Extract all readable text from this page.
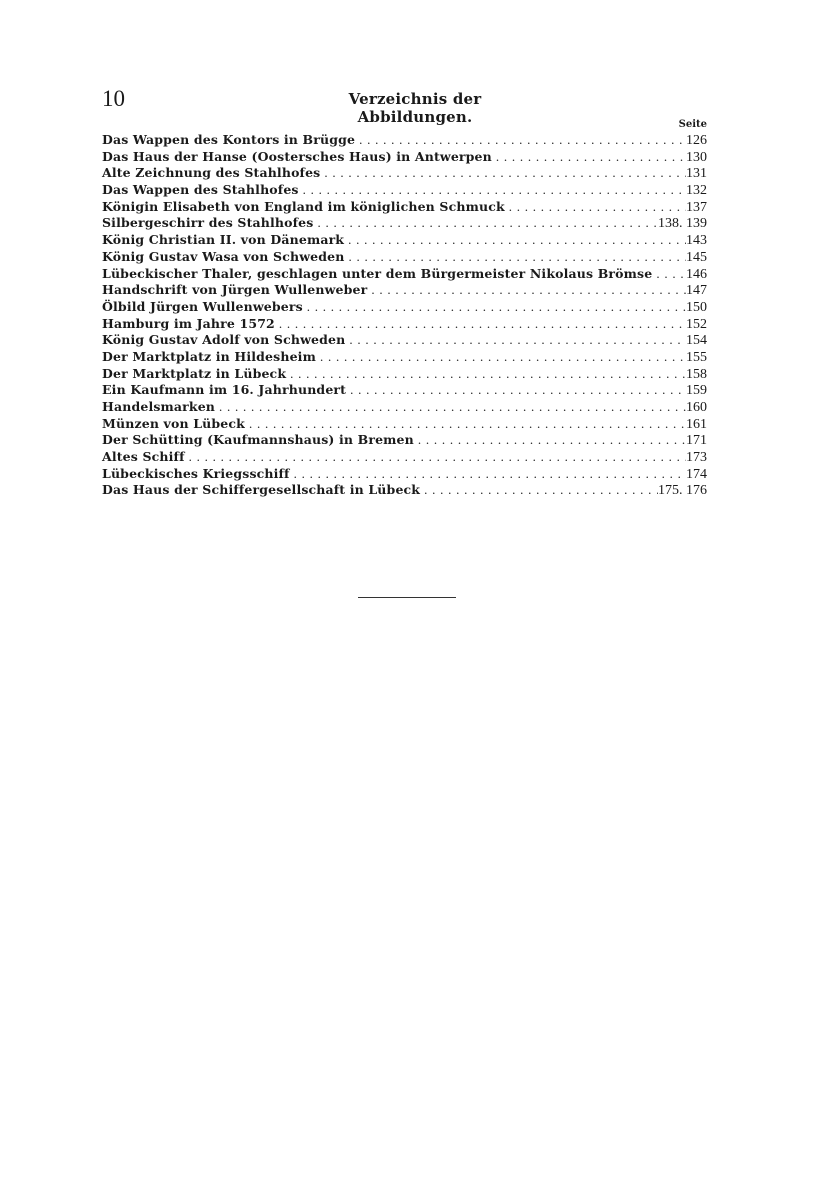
10	Verzeichnis der Abbildungen.	Seite
Das Wappen des Kontors in Brügge . . .	126
Das Haus der Hanse (Oostersches Haus) in Antwerpen . . .	130
Alte Zeichnung des Stahlhofes . . .	131
Das Wappen des Stahlhofes . . .	132
Königin Elisabeth von England im königlichen Schmuck . . .	137
Silbergeschirr des Stahlhofes . . .	138. 139
König Christian II. von Dänemark . . .	143
König Gustav Wasa von Schweden . . .	145
Lübeckischer Thaler, geschlagen unter dem Bürgermeister Nikolaus Brömse . . . 146
Handschrift von Jürgen Wullenweber . . .	147
Ölbild Jürgen Wullenwebers . . .	150
Hamburg im Jahre 1572 . . .	152
König Gustav Adolf von Schweden . . .	154
Der Marktplatz in Hildesheim . . .	155
Der Marktplatz in Lübeck . . .	158
Ein Kaufmann im 16. Jahrhundert . . .	159
Handelsmarken . . .	160
Münzen von Lübeck . . .	161
Der Schütting (Kaufmannshaus) in Bremen . . .	171
Altes Schiff . . .	173
Lübeckisches Kriegsschiff . . .	174
Das Haus der Schiffergesellschaft in Lübeck . . .	175. 176
